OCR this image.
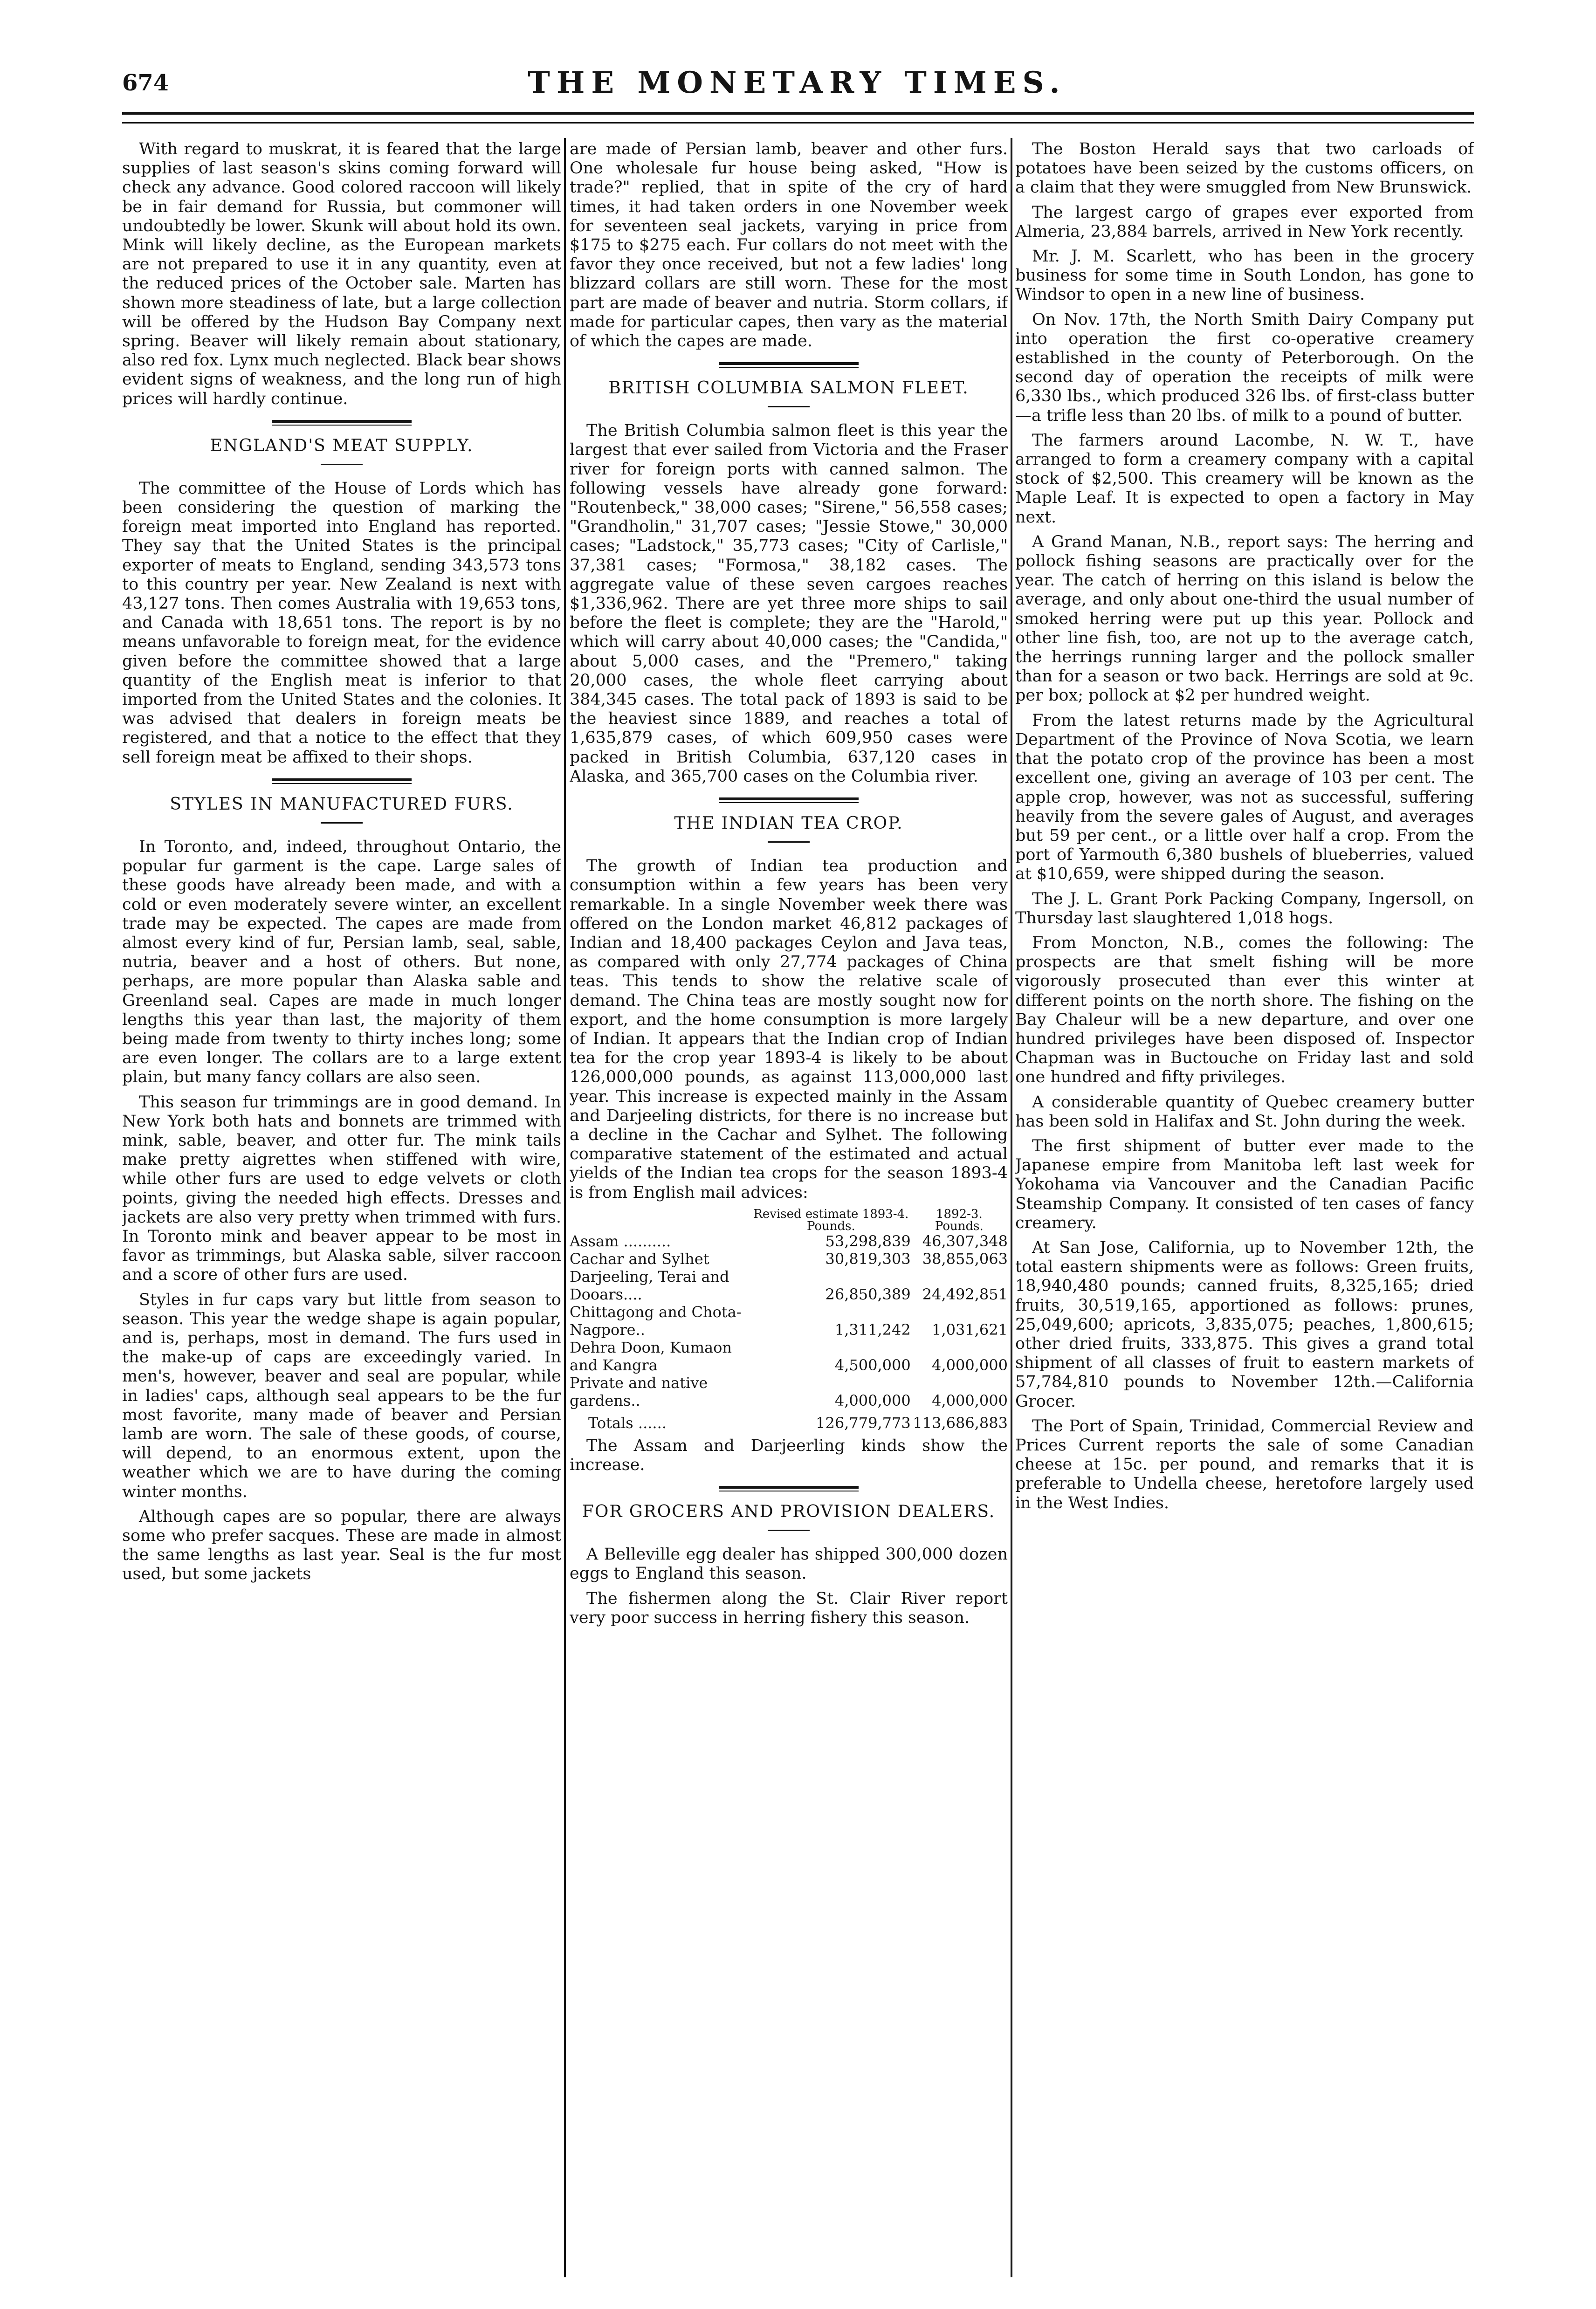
674	THE MONETARY TIMES.

With regard to muskrat, it is feared that the large supplies of last season's skins coming forward will check any advance. Good colored raccoon will likely be in fair demand for Russia, but commoner will undoubtedly be lower. Skunk will about hold its own. Mink will likely decline, as the European markets are not prepared to use it in any quantity, even at the reduced prices of the October sale. Marten has shown more steadiness of late, but a large collection will be offered by the Hudson Bay Company next spring. Beaver will likely remain about stationary, also red fox. Lynx much neglected. Black bear shows evident signs of weakness, and the long run of high prices will hardly continue.

ENGLAND'S MEAT SUPPLY.

The committee of the House of Lords which has been considering the question of marking the foreign meat imported into England has reported. They say that the United States is the principal exporter of meats to England, sending 343,573 tons to this country per year. New Zealand is next with 43,127 tons. Then comes Australia with 19,653 tons, and Canada with 18,651 tons. The report is by no means unfavorable to foreign meat, for the evidence given before the committee showed that a large quantity of the English meat is inferior to that imported from the United States and the colonies. It was advised that dealers in foreign meats be registered, and that a notice to the effect that they sell foreign meat be affixed to their shops.

STYLES IN MANUFACTURED FURS.

In Toronto, and, indeed, throughout Ontario, the popular fur garment is the cape. Large sales of these goods have already been made, and with a cold or even moderately severe winter, an excellent trade may be expected. The capes are made from almost every kind of fur, Persian lamb, seal, sable, nutria, beaver and a host of others. But none, perhaps, are more popular than Alaska sable and Greenland seal. Capes are made in much longer lengths this year than last, the majority of them being made from twenty to thirty inches long; some are even longer. The collars are to a large extent plain, but many fancy collars are also seen.

This season fur trimmings are in good demand. In New York both hats and bonnets are trimmed with mink, sable, beaver, and otter fur. The mink tails make pretty aigrettes when stiffened with wire, while other furs are used to edge velvets or cloth points, giving the needed high effects. Dresses and jackets are also very pretty when trimmed with furs. In Toronto mink and beaver appear to be most in favor as trimmings, but Alaska sable, silver raccoon and a score of other furs are used.

Styles in fur caps vary but little from season to season. This year the wedge shape is again popular, and is, perhaps, most in demand. The furs used in the make-up of caps are exceedingly varied. In men's, however, beaver and seal are popular, while in ladies' caps, although seal appears to be the fur most favorite, many made of beaver and Persian lamb are worn. The sale of these goods, of course, will depend, to an enormous extent, upon the weather which we are to have during the coming winter months.

Although capes are so popular, there are always some who prefer sacques. These are made in almost the same lengths as last year. Seal is the fur most used, but some jackets

are made of Persian lamb, beaver and other furs. One wholesale fur house being asked, "How is trade?" replied, that in spite of the cry of hard times, it had taken orders in one November week for seventeen seal jackets, varying in price from $175 to $275 each. Fur collars do not meet with the favor they once received, but not a few ladies' long blizzard collars are still worn. These for the most part are made of beaver and nutria. Storm collars, if made for particular capes, then vary as the material of which the capes are made.

BRITISH COLUMBIA SALMON FLEET.

The British Columbia salmon fleet is this year the largest that ever sailed from Victoria and the Fraser river for foreign ports with canned salmon. The following vessels have already gone forward: "Routenbeck," 38,000 cases; "Sirene," 56,558 cases; "Grandholin," 31,707 cases; "Jessie Stowe," 30,000 cases; "Ladstock," 35,773 cases; "City of Carlisle," 37,381 cases; "Formosa," 38,182 cases. The aggregate value of these seven cargoes reaches $1,336,962. There are yet three more ships to sail before the fleet is complete; they are the "Harold," which will carry about 40,000 cases; the "Candida," about 5,000 cases, and the "Premero," taking 20,000 cases, the whole fleet carrying about 384,345 cases. The total pack of 1893 is said to be the heaviest since 1889, and reaches a total of 1,635,879 cases, of which 609,950 cases were packed in British Columbia, 637,120 cases in Alaska, and 365,700 cases on the Columbia river.

THE INDIAN TEA CROP.

The growth of Indian tea production and consumption within a few years has been very remarkable. In a single November week there was offered on the London market 46,812 packages of Indian and 18,400 packages Ceylon and Java teas, as compared with only 27,774 packages of China teas. This tends to show the relative scale of demand. The China teas are mostly sought now for export, and the home consumption is more largely of Indian. It appears that the Indian crop of Indian tea for the crop year 1893-4 is likely to be about 126,000,000 pounds, as against 113,000,000 last year. This increase is expected mainly in the Assam and Darjeeling districts, for there is no increase but a decline in the Cachar and Sylhet. The following comparative statement of the estimated and actual yields of the Indian tea crops for the season 1893-4 is from English mail advices:

	Revised estimate 1893-4. Pounds.	1892-3. Pounds.
Assam ..........	53,298,839	46,307,348
Cachar and Sylhet	30,819,303	38,855,063
Darjeeling, Terai and Dooars....	26,850,389	24,492,851
Chittagong and Chota-Nagpore..	1,311,242	1,031,621
Dehra Doon, Kumaon and Kangra	4,500,000	4,000,000
Private and native gardens..	4,000,000	4,000,000
Totals ......	126,779,773	113,686,883

The Assam and Darjeerling kinds show the increase.

FOR GROCERS AND PROVISION DEALERS.

A Belleville egg dealer has shipped 300,000 dozen eggs to England this season.

The fishermen along the St. Clair River report very poor success in herring fishery this season.

The Boston Herald says that two carloads of potatoes have been seized by the customs officers, on a claim that they were smuggled from New Brunswick.

The largest cargo of grapes ever exported from Almeria, 23,884 barrels, arrived in New York recently.

Mr. J. M. Scarlett, who has been in the grocery business for some time in South London, has gone to Windsor to open in a new line of business.

On Nov. 17th, the North Smith Dairy Company put into operation the first co-operative creamery established in the county of Peterborough. On the second day of operation the receipts of milk were 6,330 lbs., which produced 326 lbs. of first-class butter—a trifle less than 20 lbs. of milk to a pound of butter.

The farmers around Lacombe, N. W. T., have arranged to form a creamery company with a capital stock of $2,500. This creamery will be known as the Maple Leaf. It is expected to open a factory in May next.

A Grand Manan, N.B., report says: The herring and pollock fishing seasons are practically over for the year. The catch of herring on this island is below the average, and only about one-third the usual number of smoked herring were put up this year. Pollock and other line fish, too, are not up to the average catch, the herrings running larger and the pollock smaller than for a season or two back. Herrings are sold at 9c. per box; pollock at $2 per hundred weight.

From the latest returns made by the Agricultural Department of the Province of Nova Scotia, we learn that the potato crop of the province has been a most excellent one, giving an average of 103 per cent. The apple crop, however, was not as successful, suffering heavily from the severe gales of August, and averages but 59 per cent., or a little over half a crop. From the port of Yarmouth 6,380 bushels of blueberries, valued at $10,659, were shipped during the season.

The J. L. Grant Pork Packing Company, Ingersoll, on Thursday last slaughtered 1,018 hogs.

From Moncton, N.B., comes the following: The prospects are that smelt fishing will be more vigorously prosecuted than ever this winter at different points on the north shore. The fishing on the Bay Chaleur will be a new departure, and over one hundred privileges have been disposed of. Inspector Chapman was in Buctouche on Friday last and sold one hundred and fifty privileges.

A considerable quantity of Quebec creamery butter has been sold in Halifax and St. John during the week.

The first shipment of butter ever made to the Japanese empire from Manitoba left last week for Yokohama via Vancouver and the Canadian Pacific Steamship Company. It consisted of ten cases of fancy creamery.

At San Jose, California, up to November 12th, the total eastern shipments were as follows: Green fruits, 18,940,480 pounds; canned fruits, 8,325,165; dried fruits, 30,519,165, apportioned as follows: prunes, 25,049,600; apricots, 3,835,075; peaches, 1,800,615; other dried fruits, 333,875. This gives a grand total shipment of all classes of fruit to eastern markets of 57,784,810 pounds to November 12th.—California Grocer.

The Port of Spain, Trinidad, Commercial Review and Prices Current reports the sale of some Canadian cheese at 15c. per pound, and remarks that it is preferable to Undella cheese, heretofore largely used in the West Indies.
